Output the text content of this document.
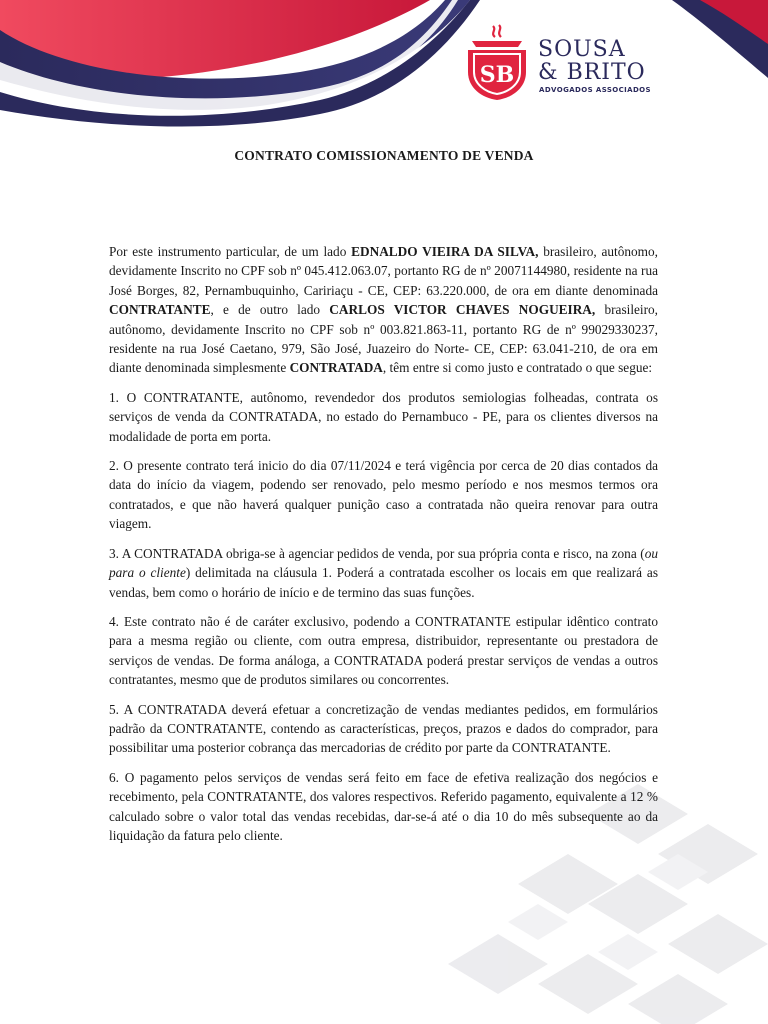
SB
SOUSA
& BRITO
ADVOGADOS ASSOCIADOS
CONTRATO COMISSIONAMENTO DE VENDA

Por este instrumento particular, de um lado EDNALDO VIEIRA DA SILVA, brasileiro, autônomo, devidamente Inscrito no CPF sob nº 045.412.063.07, portanto RG de nº 20071144980, residente na rua José Borges, 82, Pernambuquinho, Caririaçu - CE, CEP: 63.220.000, de ora em diante denominada CONTRATANTE, e de outro lado CARLOS VICTOR CHAVES NOGUEIRA, brasileiro, autônomo, devidamente Inscrito no CPF sob nº 003.821.863-11, portanto RG de nº 99029330237, residente na rua José Caetano, 979, São José, Juazeiro do Norte- CE, CEP: 63.041-210, de ora em diante denominada simplesmente CONTRATADA, têm entre si como justo e contratado o que segue:

1. O CONTRATANTE, autônomo, revendedor dos produtos semiologias folheadas, contrata os serviços de venda da CONTRATADA, no estado do Pernambuco - PE, para os clientes diversos na modalidade de porta em porta.

2. O presente contrato terá inicio do dia 07/11/2024 e terá vigência por cerca de 20 dias contados da data do início da viagem, podendo ser renovado, pelo mesmo período e nos mesmos termos ora contratados, e que não haverá qualquer punição caso a contratada não queira renovar para outra viagem.

3. A CONTRATADA obriga-se à agenciar pedidos de venda, por sua própria conta e risco, na zona (ou para o cliente) delimitada na cláusula 1. Poderá a contratada escolher os locais em que realizará as vendas, bem como o horário de início e de termino das suas funções.

4. Este contrato não é de caráter exclusivo, podendo a CONTRATANTE estipular idêntico contrato para a mesma região ou cliente, com outra empresa, distribuidor, representante ou prestadora de serviços de vendas. De forma análoga, a CONTRATADA poderá prestar serviços de vendas a outros contratantes, mesmo que de produtos similares ou concorrentes.

5. A CONTRATADA deverá efetuar a concretização de vendas mediantes pedidos, em formulários padrão da CONTRATANTE, contendo as características, preços, prazos e dados do comprador, para possibilitar uma posterior cobrança das mercadorias de crédito por parte da CONTRATANTE.

6. O pagamento pelos serviços de vendas será feito em face de efetiva realização dos negócios e recebimento, pela CONTRATANTE, dos valores respectivos. Referido pagamento, equivalente a 12 % calculado sobre o valor total das vendas recebidas, dar-se-á até o dia 10 do mês subsequente ao da liquidação da fatura pelo cliente.
